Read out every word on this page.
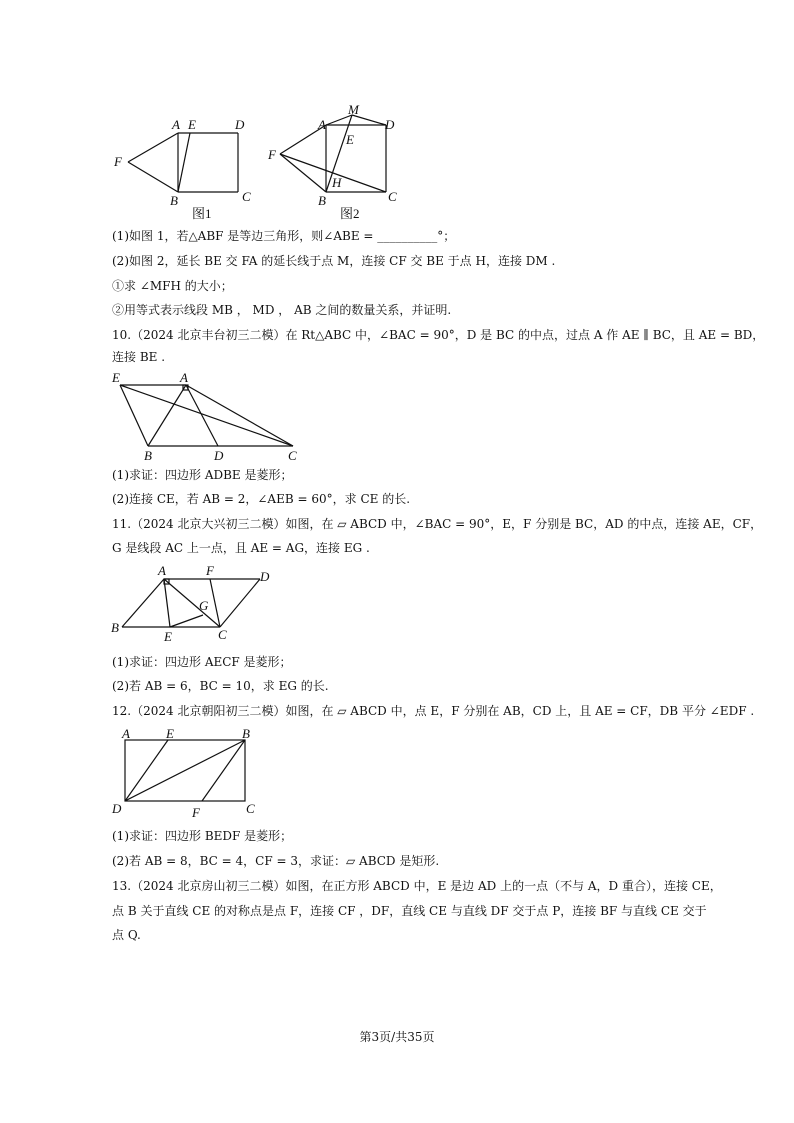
A E	D
F
B	C
图1
M
A	D
E
F
H
B	C
图2
(1)如图 1，若△ABF 是等边三角形，则∠ABE = __________°；
(2)如图 2，延长 BE 交 FA 的延长线于点 M，连接 CF 交 BE 于点 H，连接 DM .
①求 ∠MFH 的大小；
②用等式表示线段 MB ， MD ， AB 之间的数量关系，并证明.
10.（2024 北京丰台初三二模）在 Rt△ABC 中，∠BAC = 90°，D 是 BC 的中点，过点 A 作 AE ∥ BC，且 AE = BD，
连接 BE .
E	A
B	D	C
(1)求证：四边形 ADBE 是菱形；
(2)连接 CE，若 AB = 2，∠AEB = 60°，求 CE 的长.
11.（2024 北京大兴初三二模）如图，在 ▱ ABCD 中，∠BAC = 90°，E，F 分别是 BC，AD 的中点，连接 AE，CF，
G 是线段 AC 上一点，且 AE = AG，连接 EG .
A	F	D
G
B
E	C
(1)求证：四边形 AECF 是菱形；
(2)若 AB = 6，BC = 10，求 EG 的长.
12.（2024 北京朝阳初三二模）如图，在 ▱ ABCD 中，点 E，F 分别在 AB，CD 上，且 AE = CF，DB 平分 ∠EDF .
A	E	B
D	F	C
(1)求证：四边形 BEDF 是菱形；
(2)若 AB = 8，BC = 4，CF = 3，求证：▱ ABCD 是矩形.
13.（2024 北京房山初三二模）如图，在正方形 ABCD 中，E 是边 AD 上的一点（不与 A，D 重合），连接 CE，
点 B 关于直线 CE 的对称点是点 F，连接 CF ，DF，直线 CE 与直线 DF 交于点 P，连接 BF 与直线 CE 交于
点 Q.
第3页/共35页
